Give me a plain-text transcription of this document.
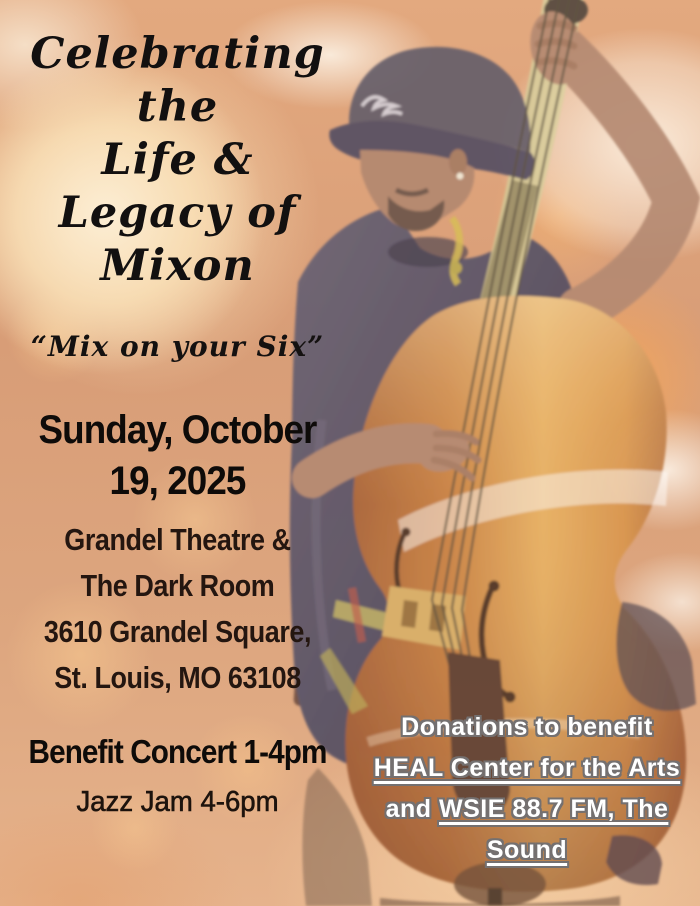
Celebrating
the
Life &
Legacy of
Mixon
“Mix on your Six”
Sunday, October
19, 2025
Grandel Theatre &
The Dark Room
3610 Grandel Square,
St. Louis, MO 63108
Benefit Concert 1-4pm
Jazz Jam 4-6pm
Donations to benefit
HEAL Center for the Arts
and WSIE 88.7 FM, The
Sound
